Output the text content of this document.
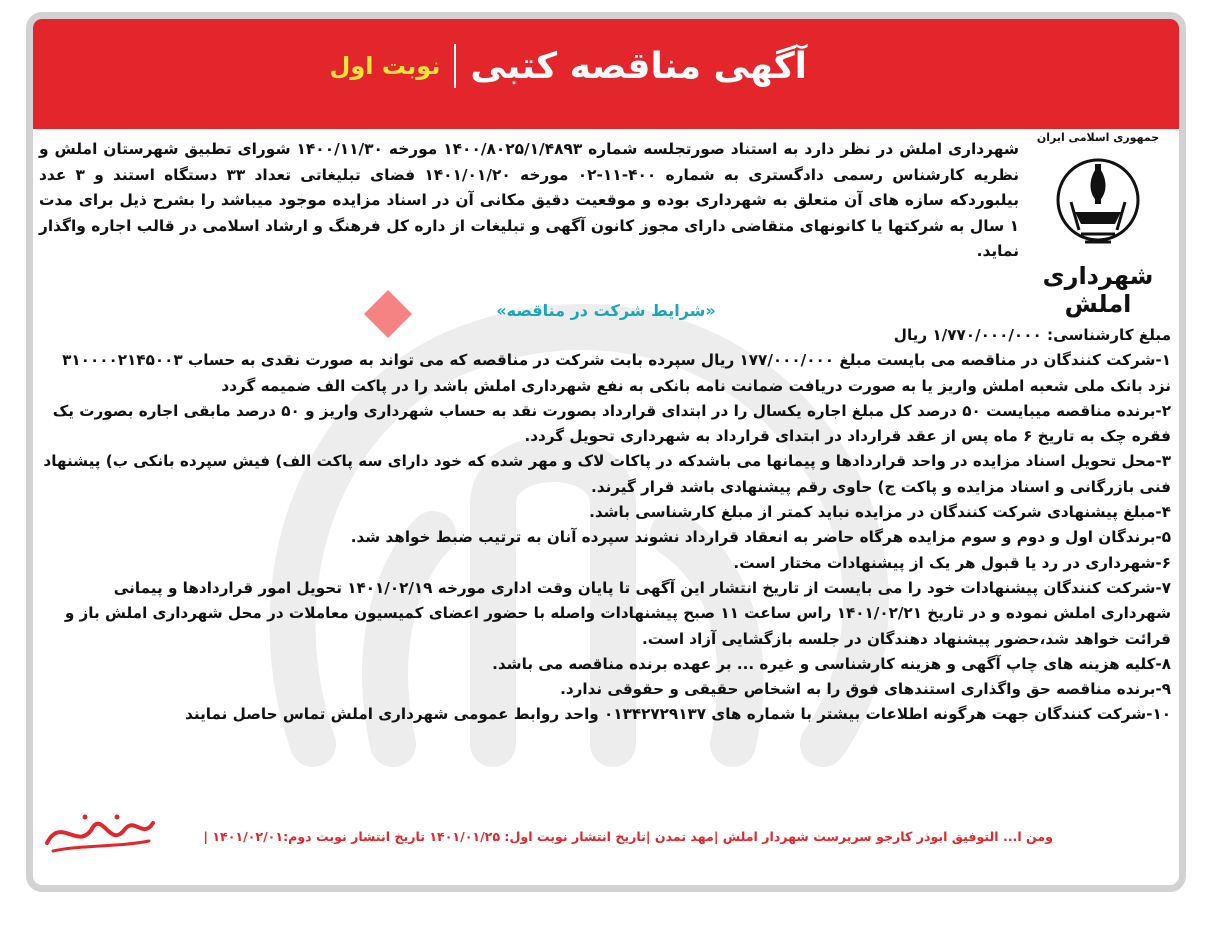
آگهی مناقصه کتبی
نوبت اول
جمهوری اسلامی ایران
شهرداری املش
شهرداری املش در نظر دارد به استناد صورتجلسه شماره ۱۴۰۰/۸۰۲۵/۱/۴۸۹۳ مورخه ۱۴۰۰/۱۱/۳۰ شورای تطبیق شهرستان املش و نظریه کارشناس رسمی دادگستری به شماره ۴۰۰-۱۱-۰۲ مورخه ۱۴۰۱/۰۱/۲۰ فضای تبلیغاتی تعداد ۳۳ دستگاه استند و ۳ عدد بیلبوردکه سازه های آن متعلق به شهرداری بوده و موقعیت دقیق مکانی آن در اسناد مزایده موجود میباشد را بشرح ذیل برای مدت ۱ سال به شرکتها یا کانونهای متقاضی دارای مجوز کانون آگهی و تبلیغات از داره کل فرهنگ و ارشاد اسلامی در قالب اجاره واگذار نماید.
«شرایط شرکت در مناقصه»

مبلغ کارشناسی: ۱/۷۷۰/۰۰۰/۰۰۰ ریال

۱-شرکت کنندگان در مناقصه می بایست مبلغ ۱۷۷/۰۰۰/۰۰۰ ریال سپرده بابت شرکت در مناقصه که می تواند به صورت نقدی به حساب ۳۱۰۰۰۰۲۱۴۵۰۰۳ نزد بانک ملی شعبه املش واریز یا به صورت دریافت ضمانت نامه بانکی به نفع شهرداری املش باشد را در پاکت الف ضمیمه گردد

۲-برنده مناقصه میبایست ۵۰ درصد کل مبلغ اجاره یکسال را در ابتدای قرارداد بصورت نقد به حساب شهرداری واریز و ۵۰ درصد مابقی اجاره بصورت یک فقره چک به تاریخ ۶ ماه پس از عقد قرارداد در ابتدای قرارداد به شهرداری تحویل گردد.

۳-محل تحویل اسناد مزایده در واحد قراردادها و پیمانها می باشدکه در پاکات لاک و مهر شده که خود دارای سه پاکت الف) فیش سپرده بانکی ب) پیشنهاد فنی بازرگانی و اسناد مزایده و پاکت ج) حاوی رقم پیشنهادی باشد قرار گیرند.

۴-مبلغ پیشنهادی شرکت کنندگان در مزایده نباید کمتر از مبلغ کارشناسی باشد.

۵-برندگان اول و دوم و سوم مزایده هرگاه حاضر به انعقاد قرارداد نشوند سپرده آنان به ترتیب ضبط خواهد شد.

۶-شهرداری در رد یا قبول هر یک از پیشنهادات مختار است.

۷-شرکت کنندگان پیشنهادات خود را می بایست از تاریخ انتشار این آگهی تا پایان وقت اداری مورخه ۱۴۰۱/۰۲/۱۹ تحویل امور قراردادها و پیمانی شهرداری املش نموده و در تاریخ ۱۴۰۱/۰۲/۲۱ راس ساعت ۱۱ صبح پیشنهادات واصله با حضور اعضای کمیسیون معاملات در محل شهرداری املش باز و قرائت خواهد شد،حضور پیشنهاد دهندگان در جلسه بازگشایی آزاد است.

۸-کلیه هزینه های چاپ آگهی و هزینه کارشناسی و غیره ... بر عهده برنده مناقصه می باشد.

۹-برنده مناقصه حق واگذاری استندهای فوق را به اشخاص حقیقی و حقوقی ندارد.

۱۰-شرکت کنندگان جهت هرگونه اطلاعات بیشتر با شماره های ۰۱۳۴۲۷۲۹۱۳۷ واحد روابط عمومی شهرداری املش تماس حاصل نمایند

ومن ا... التوفیق ابوذر کارجو سرپرست شهردار املش |مهد تمدن |تاریخ انتشار نوبت اول: ۱۴۰۱/۰۱/۲۵ تاریخ انتشار نوبت دوم:۱۴۰۱/۰۲/۰۱ |
